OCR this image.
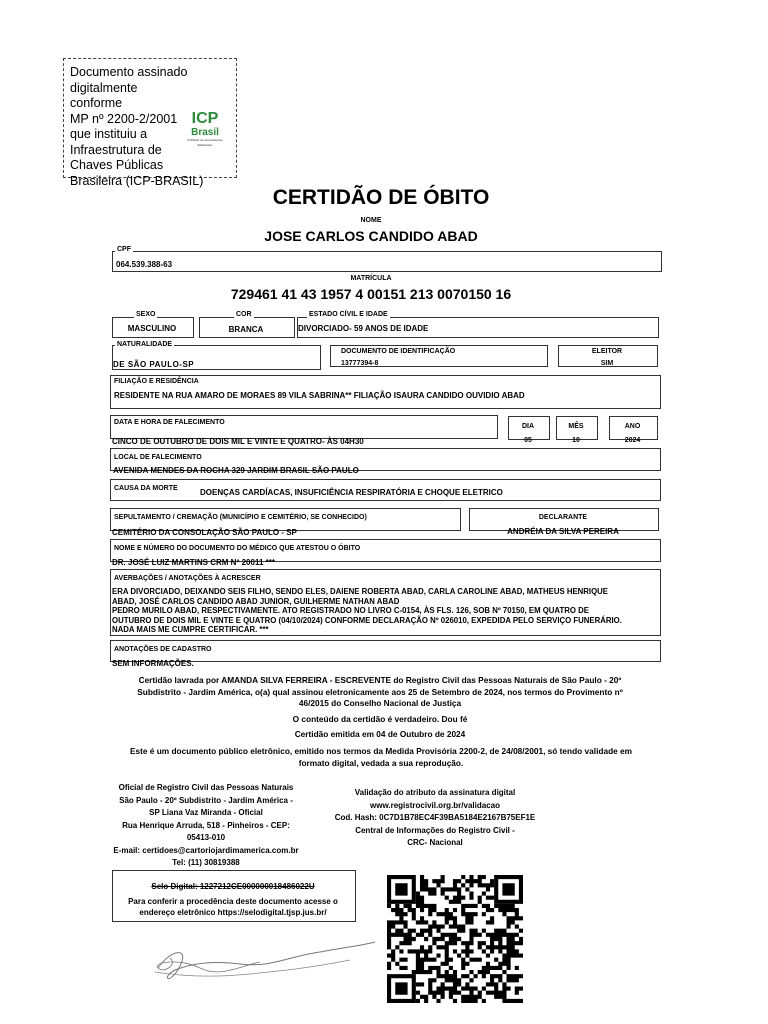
Documento assinado
digitalmente conforme
MP nº 2200-2/2001
que instituiu a
Infraestrutura de
Chaves Públicas
Brasileira (ICP-BRASIL)
ICP
Brasil
O Brasil no seu Governo Eletrônico
CERTIDÃO DE ÓBITO
NOME
JOSE CARLOS CANDIDO ABAD
CPF
064.539.388-63
MATRÍCULA
729461 41 43 1957 4 00151 213 0070150 16
SEXO
MASCULINO
COR
BRANCA
ESTADO CÍVIL E IDADE
DIVORCIADO- 59 ANOS DE IDADE
NATURALIDADE
DE SÃO PAULO-SP
DOCUMENTO DE IDENTIFICAÇÃO
13777394-8
ELEITOR
SIM
FILIAÇÃO E RESIDÊNCIA
RESIDENTE NA RUA AMARO DE MORAES 89 VILA SABRINA** FILIAÇÃO ISAURA CANDIDO OUVIDIO ABAD
DATA E HORA DE FALECIMENTO
CINCO DE OUTUBRO DE DOIS MIL E VINTE E QUATRO- ÀS 04H30
DIA
05
MÊS
10
ANO
2024
LOCAL DE FALECIMENTO
AVENIDA MENDES DA ROCHA 329 JARDIM BRASIL SÃO PAULO
CAUSA DA MORTE	DOENÇAS CARDÍACAS, INSUFICIÊNCIA RESPIRATÓRIA E CHOQUE ELETRICO
SEPULTAMENTO / CREMAÇÃO (MUNICÍPIO E CEMITÉRIO, SE CONHECIDO)
CEMITÉRIO DA CONSOLAÇÃO SÃO PAULO - SP
DECLARANTE
ANDRÉIA DA SILVA PEREIRA
NOME E NÚMERO DO DOCUMENTO DO MÉDICO QUE ATESTOU O ÓBITO
DR. JOSÉ LUIZ MARTINS CRM Nº 20011 ***
AVERBAÇÕES / ANOTAÇÕES À ACRESCER
ERA DIVORCIADO, DEIXANDO SEIS FILHO, SENDO ELES, DAIENE ROBERTA ABAD, CARLA CAROLINE ABAD, MATHEUS HENRIQUE
ABAD, JOSÉ CARLOS CANDIDO ABAD JUNIOR, GUILHERME NATHAN ABAD
PEDRO MURILO ABAD, RESPECTIVAMENTE. ATO REGISTRADO NO LIVRO C-0154, ÀS FLS. 126, SOB Nº 70150, EM QUATRO DE
OUTUBRO DE DOIS MIL E VINTE E QUATRO (04/10/2024) CONFORME DECLARAÇÃO Nº 026010, EXPEDIDA PELO SERVIÇO FUNERÁRIO.
NADA MAIS ME CUMPRE CERTIFICAR. ***
ANOTAÇÕES DE CADASTRO
SEM INFORMAÇÕES.
Certidão lavrada por AMANDA SILVA FERREIRA - ESCREVENTE do Registro Civil das Pessoas Naturais de São Paulo - 20º
Subdistrito - Jardim América, o(a) qual assinou eletronicamente aos 25 de Setembro de 2024, nos termos do Provimento nº
46/2015 do Conselho Nacional de Justiça
O conteúdo da certidão é verdadeiro. Dou fé
Certidão emitida em 04 de Outubro de 2024
Este é um documento público eletrônico, emitido nos termos da Medida Provisória 2200-2, de 24/08/2001, só tendo validade em
formato digital, vedada a sua reprodução.
Oficial de Registro Civil das Pessoas Naturais
São Paulo - 20º Subdistrito - Jardim América -
SP Liana Vaz Miranda - Oficial
Rua Henrique Arruda, 518 - Pinheiros - CEP:
05413-010
E-mail: certidoes@cartoriojardimamerica.com.br
Tel: (11) 30819388
Validação do atributo da assinatura digital
www.registrocivil.org.br/validacao
Cod. Hash: 0C7D1B78EC4F39BA5184E2167B75EF1E
Central de Informações do Registro Civil -
CRC- Nacional
Selo Digital: 1227212CE000000018486022U
Para conferir a procedência deste documento acesse o
endereço eletrônico https://selodigital.tjsp.jus.br/
